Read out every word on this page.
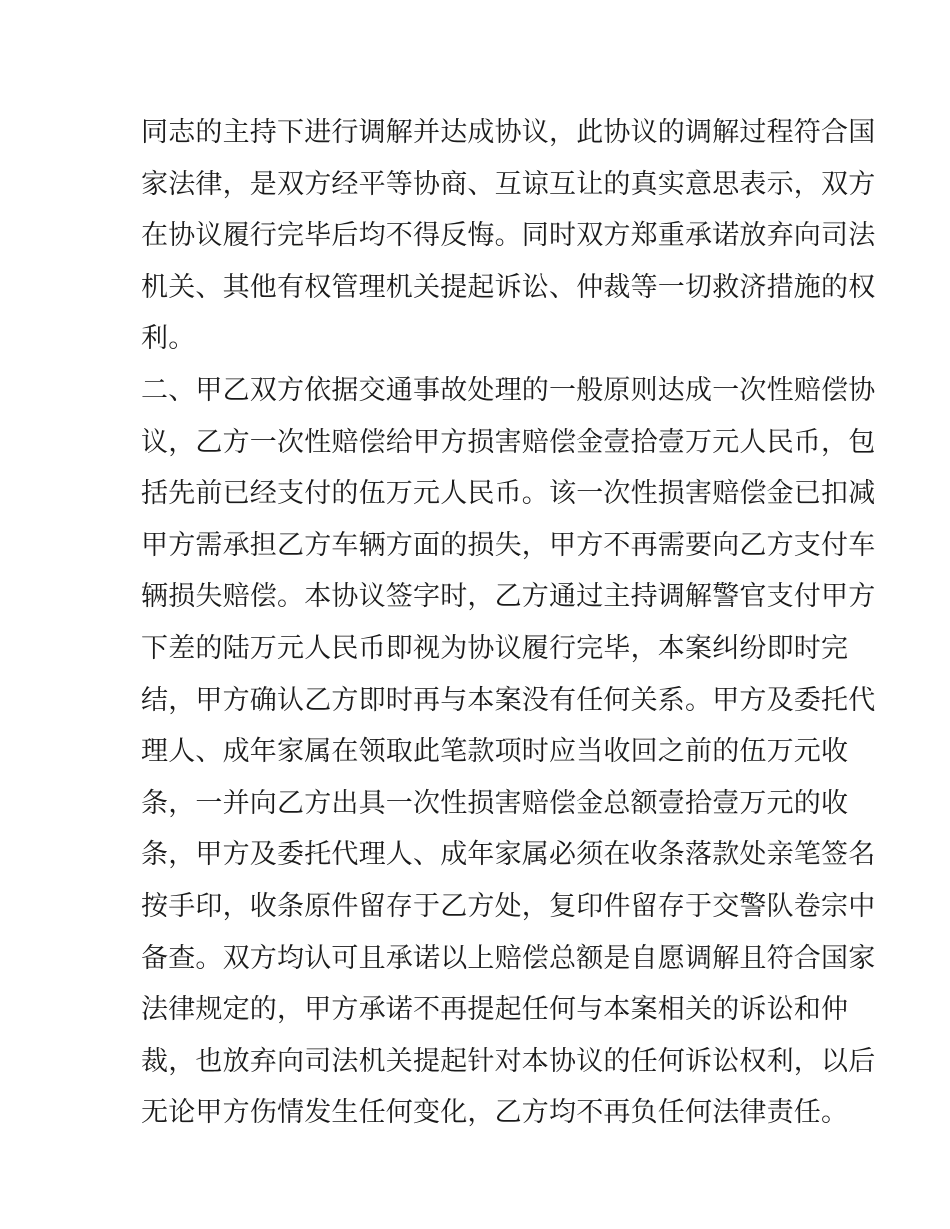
同志的主持下进行调解并达成协议，此协议的调解过程符合国
家法律，是双方经平等协商、互谅互让的真实意思表示，双方
在协议履行完毕后均不得反悔。同时双方郑重承诺放弃向司法
机关、其他有权管理机关提起诉讼、仲裁等一切救济措施的权
利。
二、甲乙双方依据交通事故处理的一般原则达成一次性赔偿协
议，乙方一次性赔偿给甲方损害赔偿金壹拾壹万元人民币，包
括先前已经支付的伍万元人民币。该一次性损害赔偿金已扣减
甲方需承担乙方车辆方面的损失，甲方不再需要向乙方支付车
辆损失赔偿。本协议签字时，乙方通过主持调解警官支付甲方
下差的陆万元人民币即视为协议履行完毕，本案纠纷即时完
结，甲方确认乙方即时再与本案没有任何关系。甲方及委托代
理人、成年家属在领取此笔款项时应当收回之前的伍万元收
条，一并向乙方出具一次性损害赔偿金总额壹拾壹万元的收
条，甲方及委托代理人、成年家属必须在收条落款处亲笔签名
按手印，收条原件留存于乙方处，复印件留存于交警队卷宗中
备查。双方均认可且承诺以上赔偿总额是自愿调解且符合国家
法律规定的，甲方承诺不再提起任何与本案相关的诉讼和仲
裁，也放弃向司法机关提起针对本协议的任何诉讼权利，以后
无论甲方伤情发生任何变化，乙方均不再负任何法律责任。
